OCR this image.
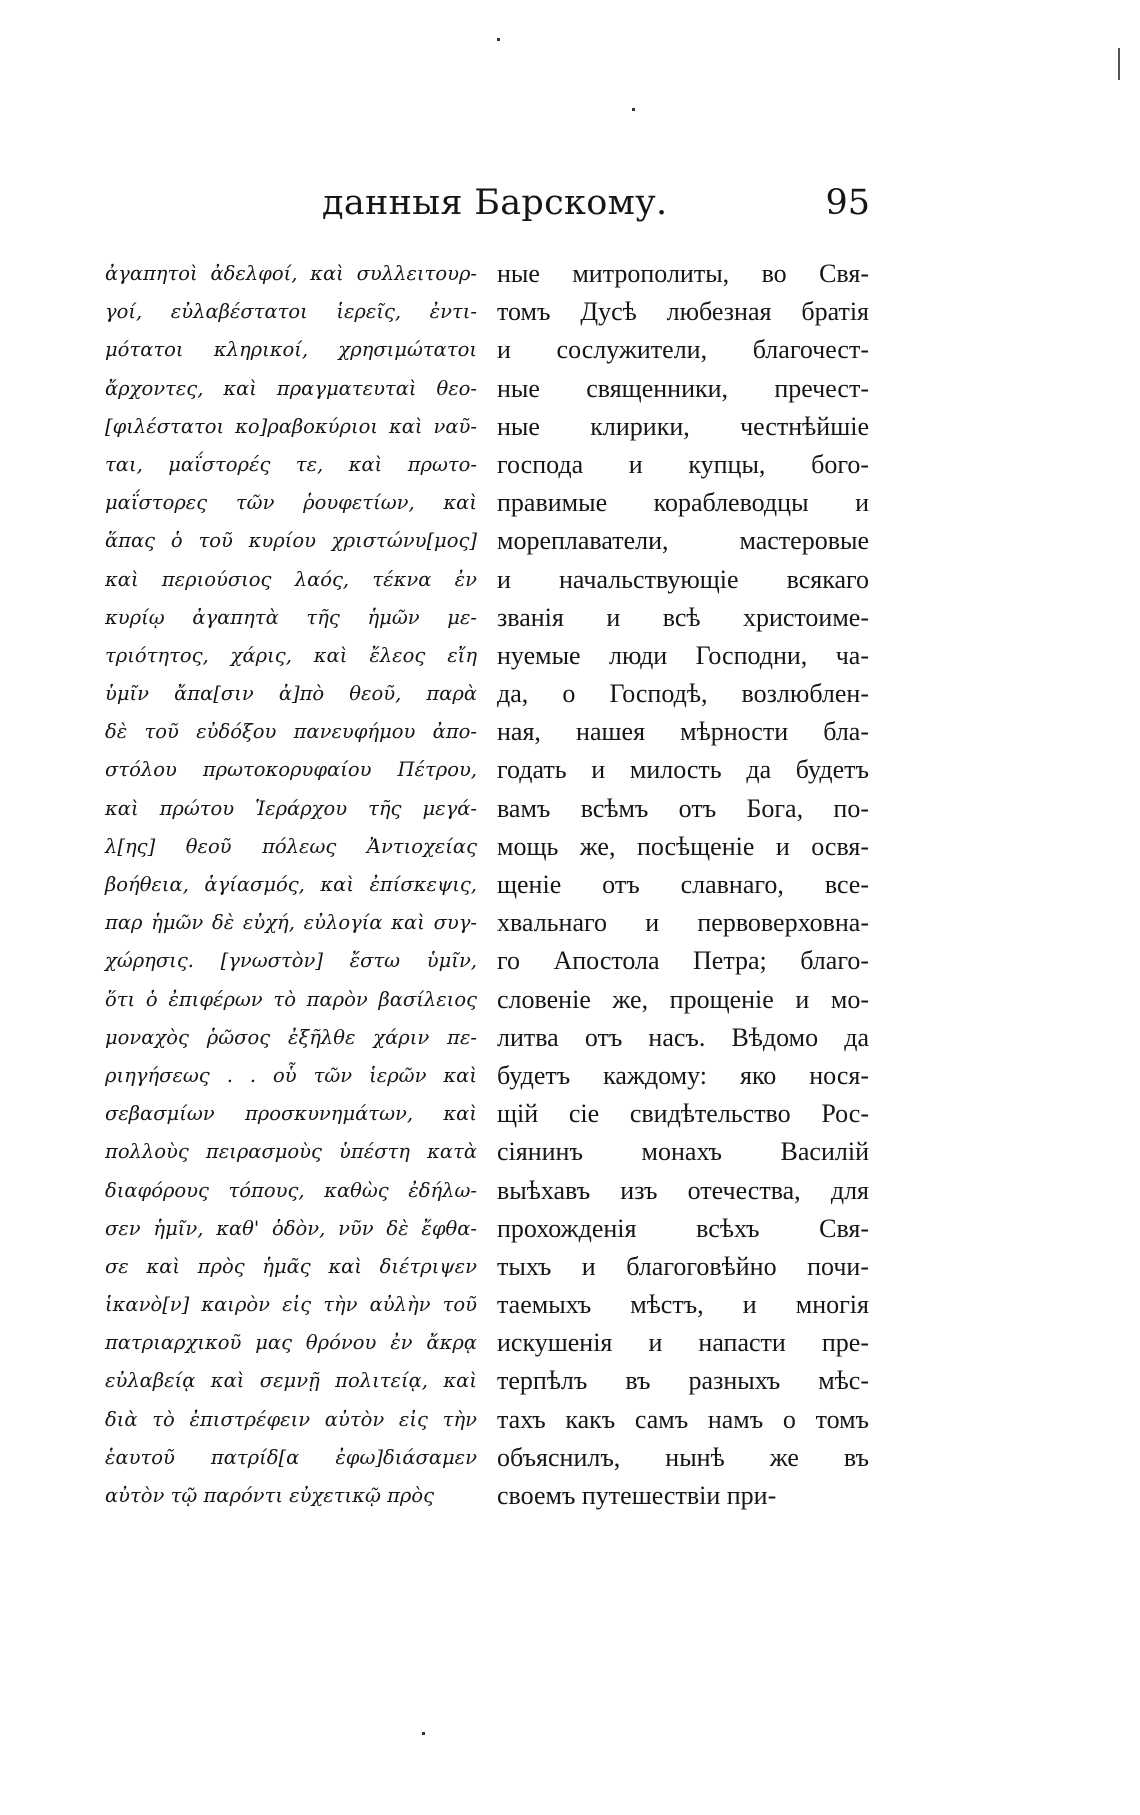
данныя Барскому.	95
ἀγαπητοὶ ἀδελφοί, καὶ συλλειτουρ-
γοί, εὐλαβέστατοι ἱερεῖς, ἐντι-
μότατοι κληρικοί, χρησιμώτατοι
ἄρχοντες, καὶ πραγματευταὶ θεο-
[φιλέστατοι κο]ραβοκύριοι καὶ ναῦ-
ται, μαΐστορές τε, καὶ πρωτο-
μαΐστορες τῶν ῥουφετίων, καὶ
ἅπας ὁ τοῦ κυρίου χριστώνυ[μος]
καὶ περιούσιος λαός, τέκνα ἐν
κυρίῳ ἀγαπητὰ τῆς ἡμῶν με-
τριότητος, χάρις, καὶ ἔλεος εἴη
ὑμῖν ἄπα[σιν ἀ]πὸ θεοῦ, παρὰ
δὲ τοῦ εὐδόξου πανευφήμου ἀπο-
στόλου πρωτοκορυφαίου Πέτρου,
καὶ πρώτου Ἱεράρχου τῆς μεγά-
λ[ης] θεοῦ πόλεως Ἀντιοχείας
βοήθεια, ἁγίασμός, καὶ ἐπίσκεψις,
παρ ἡμῶν δὲ εὐχή, εὐλογία καὶ συγ-
χώρησις. [γνωστὸν] ἔστω ὑμῖν,
ὅτι ὁ ἐπιφέρων τὸ παρὸν βασίλειος
μοναχὸς ῥῶσος ἐξῆλθε χάριν πε-
ριηγήσεως . . οὗ τῶν ἱερῶν καὶ
σεβασμίων προσκυνημάτων, καὶ
πολλοὺς πειρασμοὺς ὑπέστη κατὰ
διαφόρους τόπους, καθὼς ἐδήλω-
σεν ἡμῖν, καθ' ὁδὸν, νῦν δὲ ἔφθα-
σε καὶ πρὸς ἡμᾶς καὶ διέτριψεν
ἱκανὸ[ν] καιρὸν εἰς τὴν αὐλὴν τοῦ
πατριαρχικοῦ μας θρόνου ἐν ἄκρᾳ
εὐλαβείᾳ καὶ σεμνῇ πολιτείᾳ, καὶ
διὰ τὸ ἐπιστρέφειν αὐτὸν εἰς τὴν
ἑαυτοῦ πατρίδ[α ἐφω]διάσαμεν
αὐτὸν τῷ παρόντι εὐχετικῷ πρὸς
ные митрополиты, во Свя-
томъ Дусѣ любезная братія
и сослужители, благочест-
ные священники, пречест-
ные клирики, честнѣйшіе
господа и купцы, бого-
правимые кораблеводцы и
мореплаватели, мастеровые
и начальствующіе всякаго
званія и всѣ христоиме-
нуемые люди Господни, ча-
да, о Господѣ, возлюблен-
ная, нашея мѣрности бла-
годать и милость да будетъ
вамъ всѣмъ отъ Бога, по-
мощь же, посѣщеніе и освя-
щеніе отъ славнаго, все-
хвальнаго и первоверховна-
го Апостола Петра; благо-
словеніе же, прощеніе и мо-
литва отъ насъ. Вѣдомо да
будетъ каждому: яко нося-
щій сіе свидѣтельство Рос-
сіянинъ монахъ Василій
выѣхавъ изъ отечества, для
прохожденія всѣхъ Свя-
тыхъ и благоговѣйно почи-
таемыхъ мѣстъ, и многія
искушенія и напасти пре-
терпѣлъ въ разныхъ мѣс-
тахъ какъ самъ намъ о томъ
объяснилъ, нынѣ же въ
своемъ путешествіи при-
